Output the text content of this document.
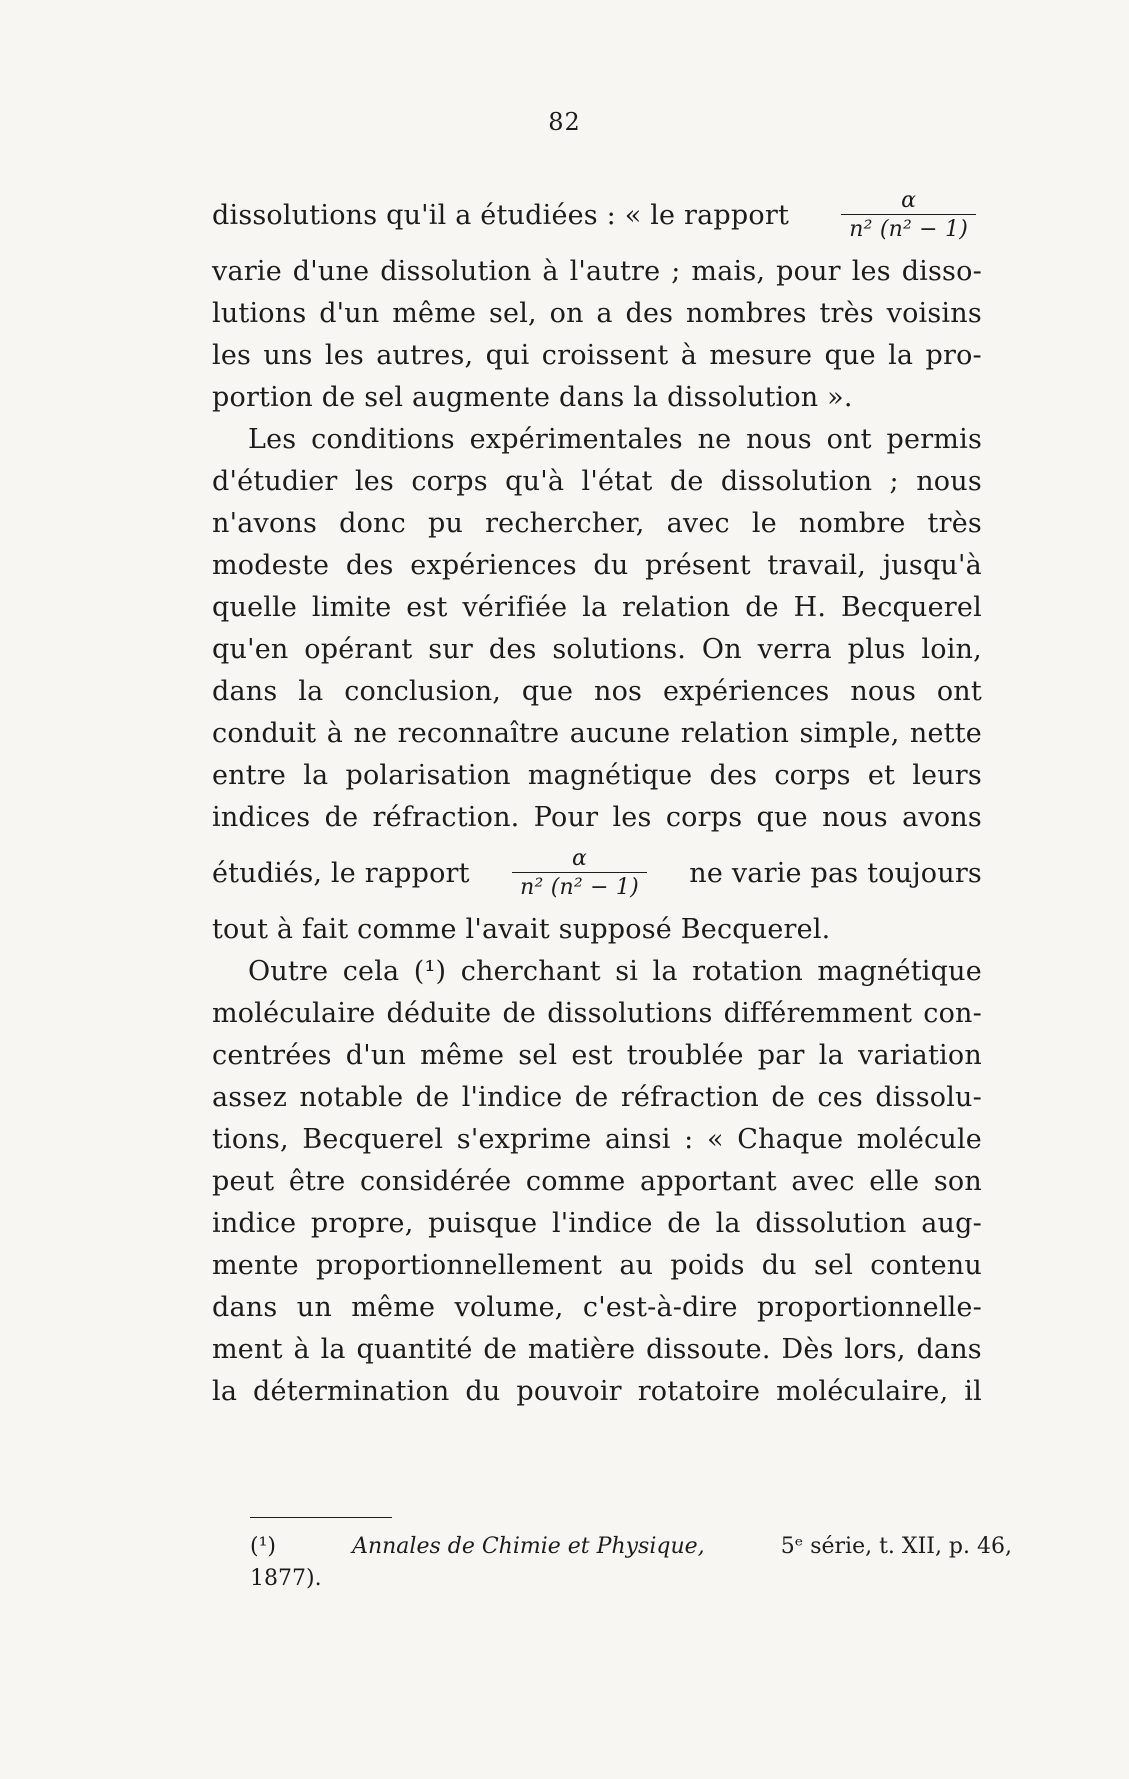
82
dissolutions qu'il a étudiées : « le rapport $\frac{\alpha}{\text{n² (n² − 1)}}$
varie d'une dissolution à l'autre ; mais, pour les disso-
lutions d'un même sel, on a des nombres très voisins
les uns les autres, qui croissent à mesure que la pro-
portion de sel augmente dans la dissolution ».
Les conditions expérimentales ne nous ont permis
d'étudier les corps qu'à l'état de dissolution ; nous
n'avons donc pu rechercher, avec le nombre très
modeste des expériences du présent travail, jusqu'à
quelle limite est vérifiée la relation de H. Becquerel
qu'en opérant sur des solutions. On verra plus loin,
dans la conclusion, que nos expériences nous ont
conduit à ne reconnaître aucune relation simple, nette
entre la polarisation magnétique des corps et leurs
indices de réfraction. Pour les corps que nous avons
étudiés, le rapport $\frac{\alpha}{\text{n² (n² − 1)}}$ ne varie pas toujours
tout à fait comme l'avait supposé Becquerel.
Outre cela (¹) cherchant si la rotation magnétique
moléculaire déduite de dissolutions différemment con-
centrées d'un même sel est troublée par la variation
assez notable de l'indice de réfraction de ces dissolu-
tions, Becquerel s'exprime ainsi : « Chaque molécule
peut être considérée comme apportant avec elle son
indice propre, puisque l'indice de la dissolution aug-
mente proportionnellement au poids du sel contenu
dans un même volume, c'est-à-dire proportionnelle-
ment à la quantité de matière dissoute. Dès lors, dans
la détermination du pouvoir rotatoire moléculaire, il
(¹)	Annales de Chimie et Physique,	5ᵉ série, t. XII, p. 46,
1877).
